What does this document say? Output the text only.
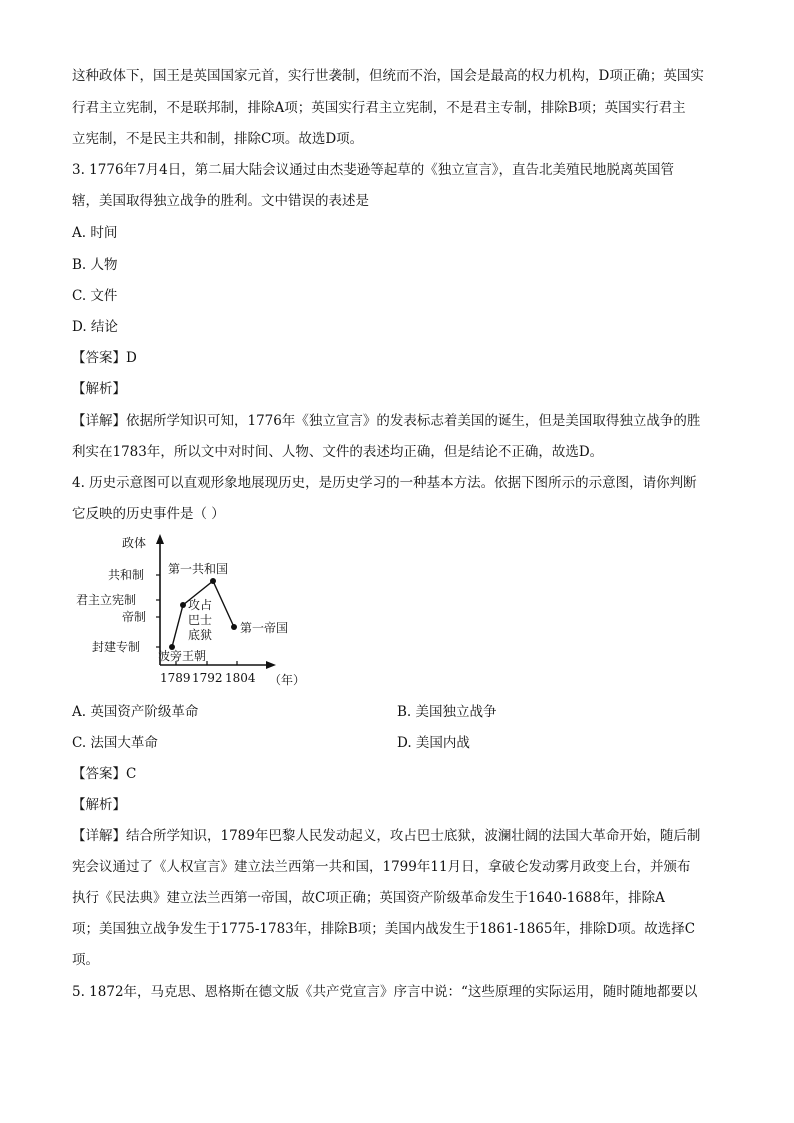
这种政体下，国王是英国国家元首，实行世袭制，但统而不治，国会是最高的权力机构，D项正确；英国实
行君主立宪制，不是联邦制，排除A项；英国实行君主立宪制，不是君主专制，排除B项；英国实行君主
立宪制，不是民主共和制，排除C项。故选D项。
3. 1776年7月4日，第二届大陆会议通过由杰斐逊等起草的《独立宣言》，直告北美殖民地脱离英国管
辖，美国取得独立战争的胜利。文中错误的表述是
A. 时间
B. 人物
C. 文件
D. 结论
【答案】D
【解析】
【详解】依据所学知识可知，1776年《独立宣言》的发表标志着美国的诞生，但是美国取得独立战争的胜
利实在1783年，所以文中对时间、人物、文件的表述均正确，但是结论不正确，故选D。
4. 历史示意图可以直观形象地展现历史，是历史学习的一种基本方法。依据下图所示的示意图，请你判断
它反映的历史事件是（ ）
政体
共和制
君主立宪制
帝制
封建专制
1789 1792 1804 （年）
波旁王朝
攻占
巴士
底狱
第一共和国
第一帝国
A. 英国资产阶级革命	B. 美国独立战争
C. 法国大革命	D. 美国内战
【答案】C
【解析】
【详解】结合所学知识，1789年巴黎人民发动起义，攻占巴士底狱，波澜壮阔的法国大革命开始，随后制
宪会议通过了《人权宣言》建立法兰西第一共和国，1799年11月日，拿破仑发动雾月政变上台，并颁布
执行《民法典》建立法兰西第一帝国，故C项正确；英国资产阶级革命发生于1640-1688年，排除A
项；美国独立战争发生于1775-1783年，排除B项；美国内战发生于1861-1865年，排除D项。故选择C
项。
5. 1872年，马克思、恩格斯在德文版《共产党宣言》序言中说：“这些原理的实际运用，随时随地都要以
